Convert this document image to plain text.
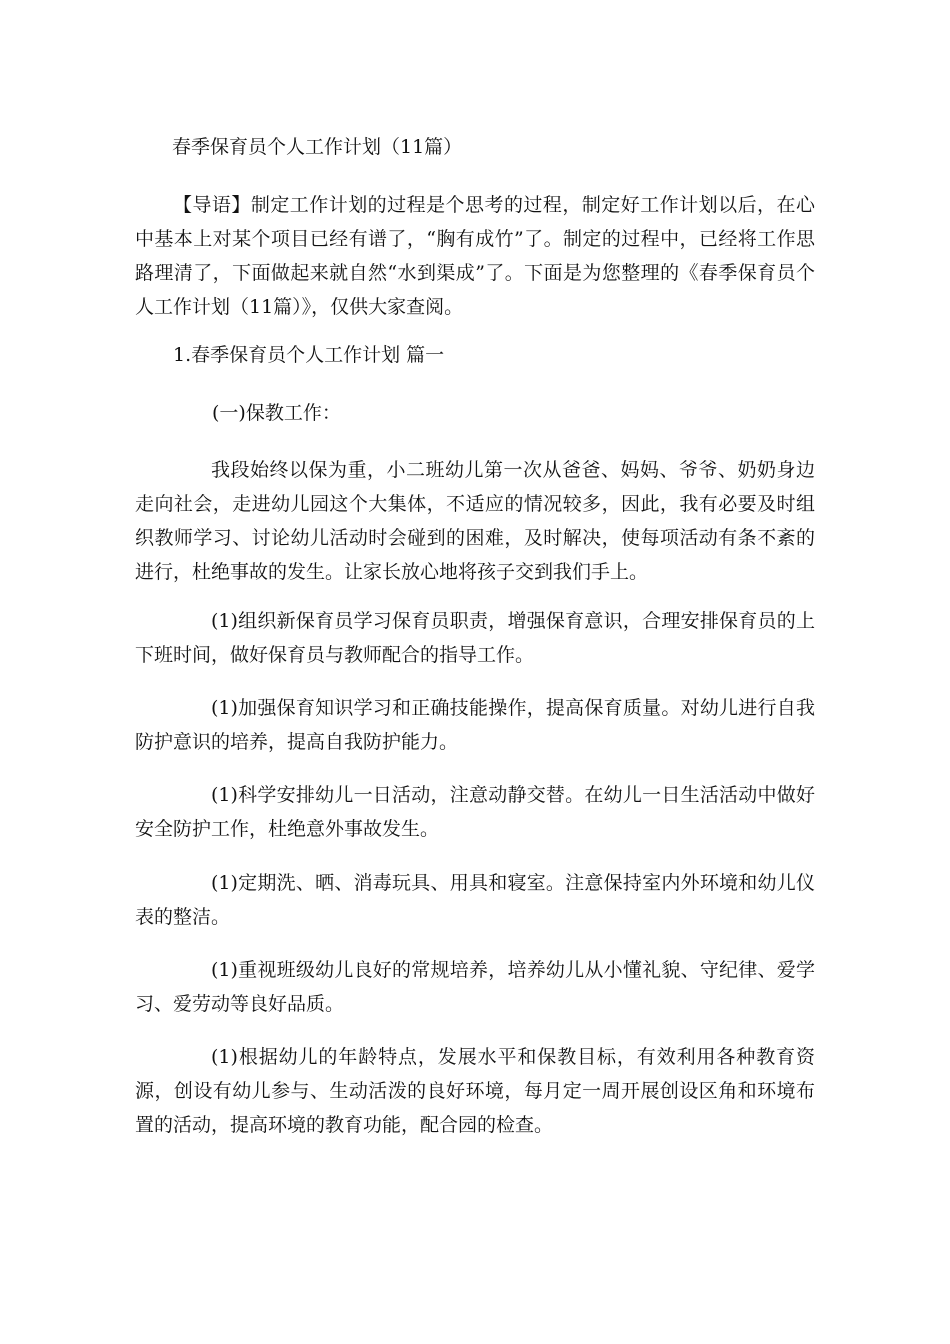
春季保育员个人工作计划（11篇）

【导语】制定工作计划的过程是个思考的过程，制定好工作计划以后，在心中基本上对某个项目已经有谱了，“胸有成竹”了。制定的过程中，已经将工作思路理清了，下面做起来就自然“水到渠成”了。下面是为您整理的《春季保育员个人工作计划（11篇）》，仅供大家查阅。

1.春季保育员个人工作计划 篇一

(一)保教工作：

我段始终以保为重，小二班幼儿第一次从爸爸、妈妈、爷爷、奶奶身边走向社会，走进幼儿园这个大集体，不适应的情况较多，因此，我有必要及时组织教师学习、讨论幼儿活动时会碰到的困难，及时解决，使每项活动有条不紊的进行，杜绝事故的发生。让家长放心地将孩子交到我们手上。

(1)组织新保育员学习保育员职责，增强保育意识，合理安排保育员的上下班时间，做好保育员与教师配合的指导工作。

(1)加强保育知识学习和正确技能操作，提高保育质量。对幼儿进行自我防护意识的培养，提高自我防护能力。

(1)科学安排幼儿一日活动，注意动静交替。在幼儿一日生活活动中做好安全防护工作，杜绝意外事故发生。

(1)定期洗、晒、消毒玩具、用具和寝室。注意保持室内外环境和幼儿仪表的整洁。

(1)重视班级幼儿良好的常规培养，培养幼儿从小懂礼貌、守纪律、爱学习、爱劳动等良好品质。

(1)根据幼儿的年龄特点，发展水平和保教目标，有效利用各种教育资源，创设有幼儿参与、生动活泼的良好环境，每月定一周开展创设区角和环境布置的活动，提高环境的教育功能，配合园的检查。
